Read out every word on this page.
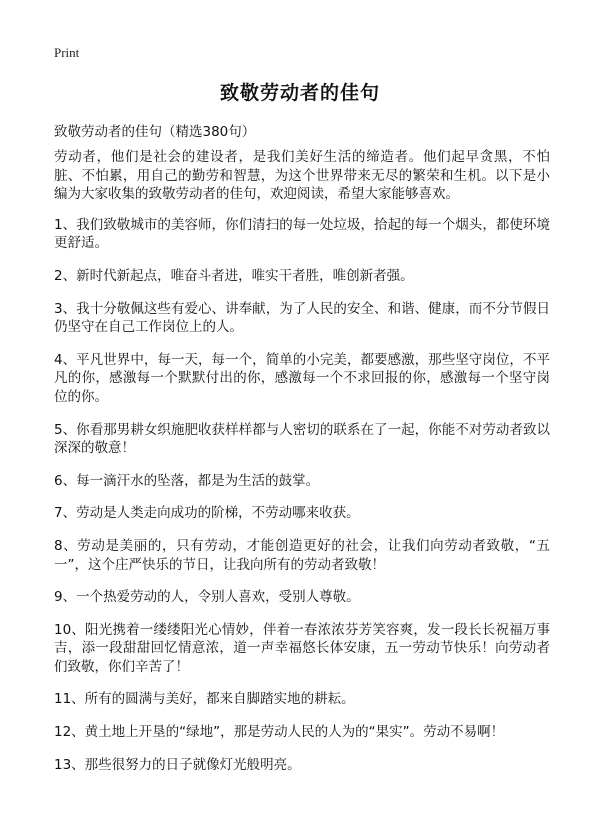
Print
致敬劳动者的佳句

致敬劳动者的佳句（精选380句）

劳动者，他们是社会的建设者，是我们美好生活的缔造者。他们起早贪黑，不怕脏、不怕累，用自己的勤劳和智慧，为这个世界带来无尽的繁荣和生机。以下是小编为大家收集的致敬劳动者的佳句，欢迎阅读，希望大家能够喜欢。

1、我们致敬城市的美容师，你们清扫的每一处垃圾，拾起的每一个烟头，都使环境更舒适。

2、新时代新起点，唯奋斗者进，唯实干者胜，唯创新者强。

3、我十分敬佩这些有爱心、讲奉献，为了人民的安全、和谐、健康，而不分节假日仍坚守在自己工作岗位上的人。

4、平凡世界中，每一天，每一个，简单的小完美，都要感激，那些坚守岗位，不平凡的你，感激每一个默默付出的你，感激每一个不求回报的你，感激每一个坚守岗位的你。

5、你看那男耕女织施肥收获样样都与人密切的联系在了一起，你能不对劳动者致以深深的敬意！

6、每一滴汗水的坠落，都是为生活的鼓掌。

7、劳动是人类走向成功的阶梯，不劳动哪来收获。

8、劳动是美丽的，只有劳动，才能创造更好的社会，让我们向劳动者致敬，“五一”，这个庄严快乐的节日，让我向所有的劳动者致敬！

9、一个热爱劳动的人，令别人喜欢，受别人尊敬。

10、阳光携着一缕缕阳光心情妙，伴着一春浓浓芬芳笑容爽，发一段长长祝福万事吉，添一段甜甜回忆情意浓，道一声幸福悠长体安康，五一劳动节快乐！向劳动者们致敬，你们辛苦了！

11、所有的圆满与美好，都来自脚踏实地的耕耘。

12、黄土地上开垦的“绿地”，那是劳动人民的人为的“果实”。劳动不易啊！

13、那些很努力的日子就像灯光般明亮。
